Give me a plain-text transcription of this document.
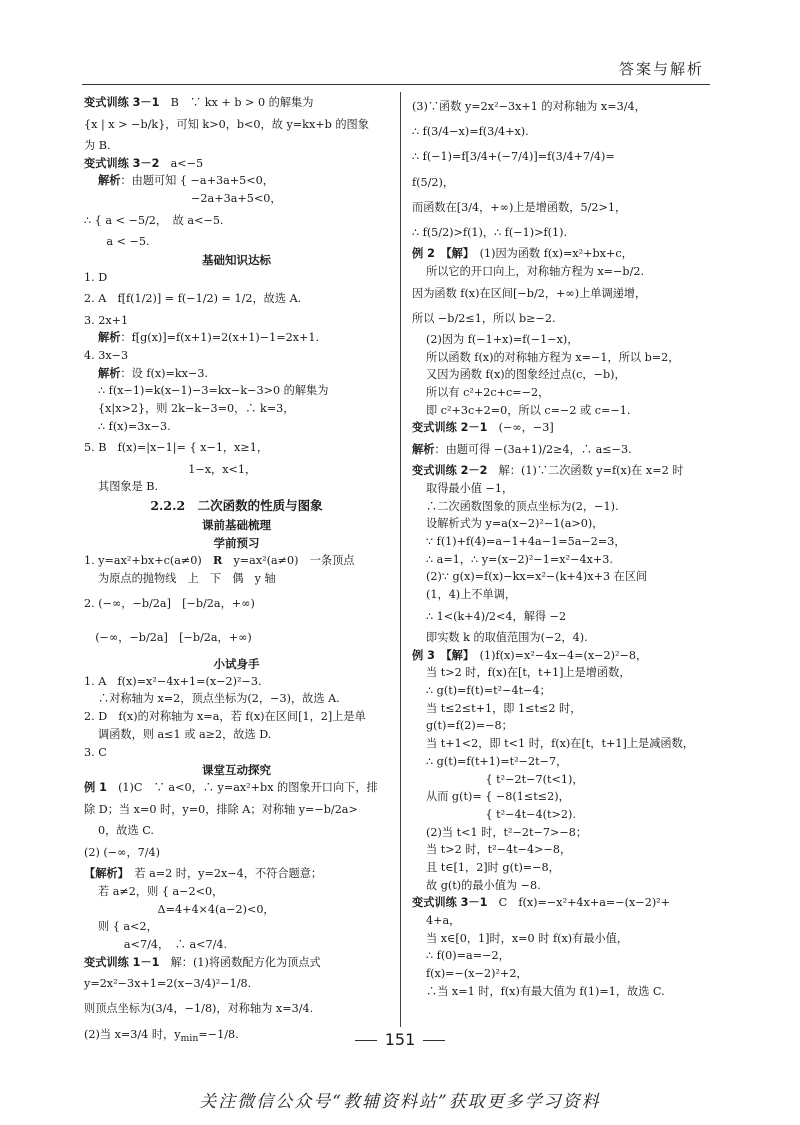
答案与解析
变式训练 3－1　B　∵ kx + b > 0 的解集为
{x | x > −b/k}，可知 k>0，b<0，故 y=kx+b 的图象
为 B.
变式训练 3－2　a<−5
解析：由题可知 { −a+3a+5<0，
　　　　　　　　 −2a+3a+5<0，
∴ { a < −5/2，　故 a<−5.
　　a < −5.
基础知识达标
1. D
2. A　f[f(1/2)] = f(−1/2) = 1/2，故选 A.
3. 2x+1
解析：f[g(x)]=f(x+1)=2(x+1)−1=2x+1.
4. 3x−3
解析：设 f(x)=kx−3.
∴ f(x−1)=k(x−1)−3=kx−k−3>0 的解集为
{x|x>2}，则 2k−k−3=0，∴ k=3，
∴ f(x)=3x−3.
5. B　f(x)=|x−1|= { x−1，x≥1，
　　　　　　　　　 1−x，x<1，
其图象是 B.
2.2.2　二次函数的性质与图象
课前基础梳理
学前预习
1. y=ax²+bx+c(a≠0)　R　y=ax²(a≠0)　一条顶点
为原点的抛物线　上　下　偶　y 轴
2. (−∞，−b/2a]　[−b/2a，+∞)
　(−∞，−b/2a]　[−b/2a，+∞)
小试身手
1. A　f(x)=x²−4x+1=(x−2)²−3.
∴对称轴为 x=2，顶点坐标为(2，−3)，故选 A.
2. D　f(x)的对称轴为 x=a，若 f(x)在区间[1，2]上是单
调函数，则 a≤1 或 a≥2，故选 D.
3. C
课堂互动探究
例 1　(1)C　∵ a<0，∴ y=ax²+bx 的图象开口向下，排
除 D；当 x=0 时，y=0，排除 A；对称轴 y=−b/2a>
0，故选 C.
(2) (−∞，7/4)
【解析】　若 a=2 时，y=2x−4，不符合题意；
若 a≠2，则 { a−2<0，
　　　　　 Δ=4+4×4(a−2)<0，
则 { a<2，
　　 a<7/4，　∴ a<7/4.
变式训练 1－1　解：(1)将函数配方化为顶点式
y=2x²−3x+1=2(x−3/4)²−1/8.
则顶点坐标为(3/4，−1/8)，对称轴为 x=3/4.
(2)当 x=3/4 时，$y_{min}=-1/8$.
(3)∵函数 y=2x²−3x+1 的对称轴为 x=3/4，
∴ f(3/4−x)=f(3/4+x).
∴ f(−1)=f[3/4+(−7/4)]=f(3/4+7/4)=
f(5/2)，
而函数在[3/4，+∞)上是增函数，5/2>1，
∴ f(5/2)>f(1)，∴ f(−1)>f(1).
例 2　 【解】　(1)因为函数 f(x)=x²+bx+c，
所以它的开口向上，对称轴方程为 x=−b/2.
因为函数 f(x)在区间[−b/2，+∞)上单调递增，
所以 −b/2≤1，所以 b≥−2.
(2)因为 f(−1+x)=f(−1−x)，
所以函数 f(x)的对称轴方程为 x=−1，所以 b=2，
又因为函数 f(x)的图象经过点(c，−b)，
所以有 c²+2c+c=−2，
即 c²+3c+2=0，所以 c=−2 或 c=−1.
变式训练 2－1　(−∞，−3]
解析：由题可得 −(3a+1)/2≥4，∴ a≤−3.
变式训练 2－2　解：(1)∵二次函数 y=f(x)在 x=2 时
取得最小值 −1，
∴二次函数图象的顶点坐标为(2，−1).
设解析式为 y=a(x−2)²−1(a>0)，
∵ f(1)+f(4)=a−1+4a−1=5a−2=3，
∴ a=1，∴ y=(x−2)²−1=x²−4x+3.
(2)∵ g(x)=f(x)−kx=x²−(k+4)x+3 在区间
(1，4)上不单调，
∴ 1<(k+4)/2<4，解得 −2
即实数 k 的取值范围为(−2，4).
例 3　 【解】　(1)f(x)=x²−4x−4=(x−2)²−8，
当 t>2 时，f(x)在[t，t+1]上是增函数，
∴ g(t)=f(t)=t²−4t−4；
当 t≤2≤t+1，即 1≤t≤2 时，
g(t)=f(2)=−8；
当 t+1<2，即 t<1 时，f(x)在[t，t+1]上是减函数，
∴ g(t)=f(t+1)=t²−2t−7，
　　　　　 { t²−2t−7(t<1)，
从而 g(t)= { −8(1≤t≤2)，
　　　　　 { t²−4t−4(t>2).
(2)当 t<1 时，t²−2t−7>−8；
当 t>2 时，t²−4t−4>−8，
且 t∈[1，2]时 g(t)=−8，
故 g(t)的最小值为 −8.
变式训练 3－1　C　f(x)=−x²+4x+a=−(x−2)²+
4+a，
当 x∈[0，1]时，x=0 时 f(x)有最小值，
∴ f(0)=a=−2，
f(x)=−(x−2)²+2，
∴当 x=1 时，f(x)有最大值为 f(1)=1，故选 C.
151
关注微信公众号“教辅资料站”获取更多学习资料
